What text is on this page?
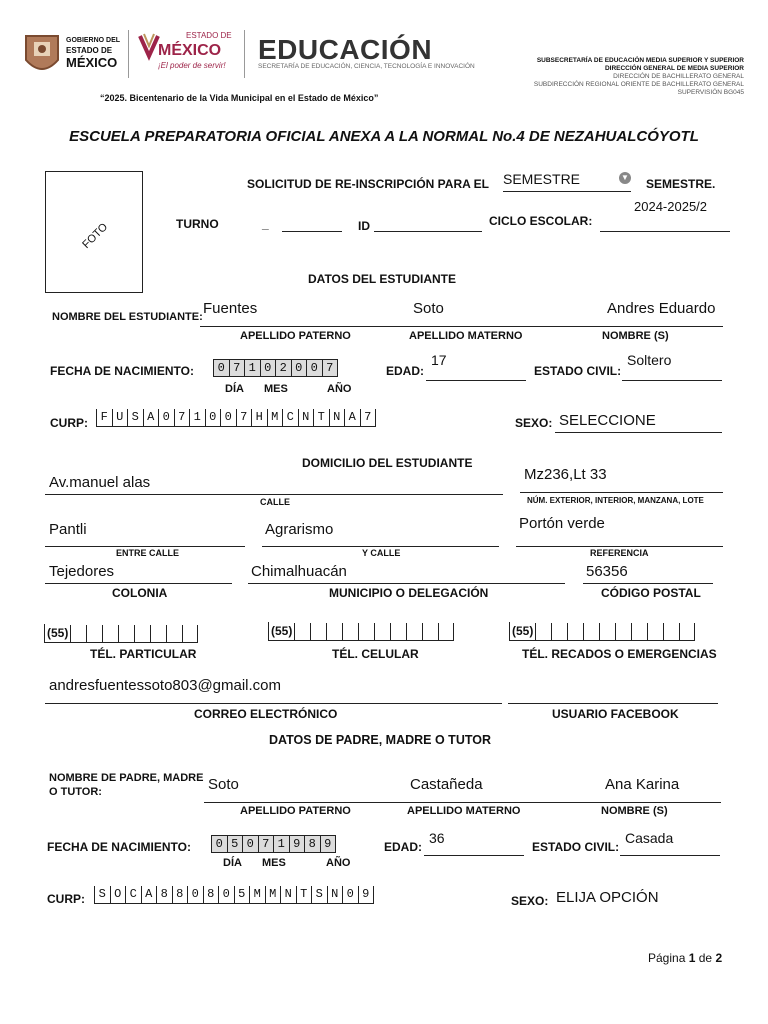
GOBIERNO DEL
ESTADO DE
MÉXICO
ESTADO DE
MÉXICO
¡El poder de servir!
EDUCACIÓN
SECRETARÍA DE EDUCACIÓN, CIENCIA, TECNOLOGÍA E INNOVACIÓN
SUBSECRETARÍA DE EDUCACIÓN MEDIA SUPERIOR Y SUPERIOR
DIRECCIÓN GENERAL DE MEDIA SUPERIOR
DIRECCIÓN DE BACHILLERATO GENERAL
SUBDIRECCIÓN REGIONAL ORIENTE DE BACHILLERATO GENERAL
SUPERVISIÓN BG045
“2025. Bicentenario de la Vida Municipal en el Estado de México”
ESCUELA PREPARATORIA OFICIAL ANEXA A LA NORMAL No.4 DE NEZAHUALCÓYOTL
FOTO
SOLICITUD DE RE-INSCRIPCIÓN PARA EL SEMESTRE	▼ SEMESTRE.
TURNO	_	ID	CICLO ESCOLAR:
2024-2025/2
DATOS DEL ESTUDIANTE
NOMBRE DEL ESTUDIANTE: Fuentes	Soto	Andres Eduardo
APELLIDO PATERNO	APELLIDO MATERNO	NOMBRE (S)
FECHA DE NACIMIENTO:	0 7 1 0 2 0 0 7
DÍA MES	AÑO
EDAD:
17
ESTADO CIVIL:
Soltero
CURP:	F U S A 0 7 1 0 0 7 H M C N T N A 7	SEXO: SELECCIONE
DOMICILIO DEL ESTUDIANTE
Av.manuel alas
CALLE
Mz236,Lt 33
NÚM. EXTERIOR, INTERIOR, MANZANA, LOTE
Pantli
ENTRE CALLE
Agrarismo
Y CALLE
Portón verde
REFERENCIA
Tejedores
COLONIA
Chimalhuacán
MUNICIPIO O DELEGACIÓN
56356
CÓDIGO POSTAL
(55)
TÉL. PARTICULAR
(55)
TÉL. CELULAR
(55)
TÉL. RECADOS O EMERGENCIAS
andresfuentessoto803@gmail.com
CORREO ELECTRÓNICO	USUARIO FACEBOOK
DATOS DE PADRE, MADRE O TUTOR
NOMBRE DE PADRE, MADRE
O TUTOR:	Soto	Castañeda	Ana Karina
APELLIDO PATERNO	APELLIDO MATERNO	NOMBRE (S)
FECHA DE NACIMIENTO:	0 5 0 7 1 9 8 9
DÍA MES	AÑO
EDAD:
36
ESTADO CIVIL:
Casada
CURP:	S O C A 8 8 0 8 0 5 M M N T S N 0 9	SEXO: ELIJA OPCIÓN
Página 1 de 2
